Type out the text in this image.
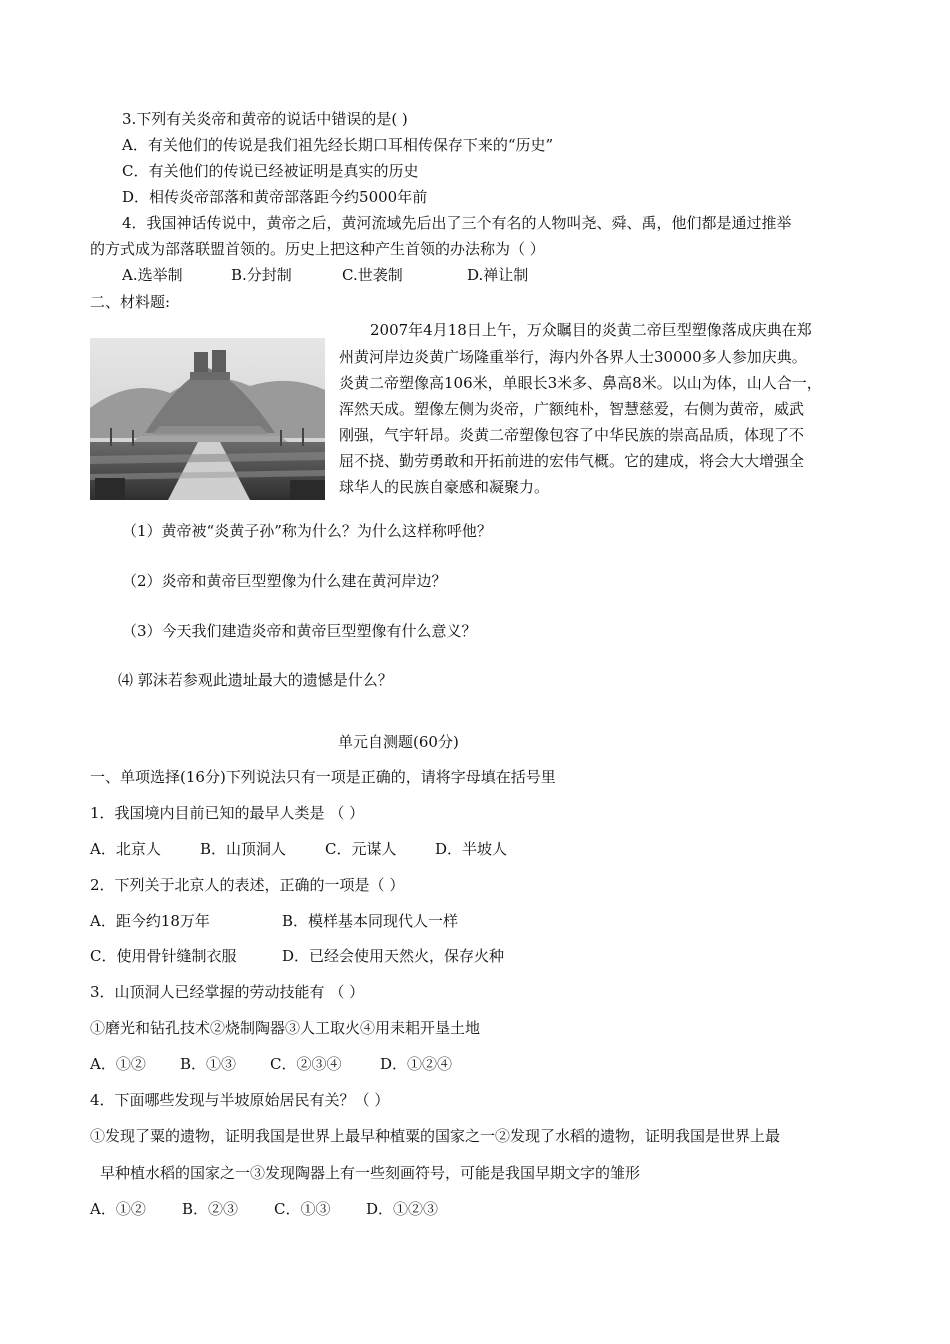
3.下列有关炎帝和黄帝的说话中错误的是( )
A．有关他们的传说是我们祖先经长期口耳相传保存下来的“历史”
C．有关他们的传说已经被证明是真实的历史
D．相传炎帝部落和黄帝部落距今约5000年前
4．我国神话传说中，黄帝之后，黄河流域先后出了三个有名的人物叫尧、舜、禹，他们都是通过推举
的方式成为部落联盟首领的。历史上把这种产生首领的办法称为（ ）
A.选举制	B.分封制	C.世袭制	D.禅让制
二、材料题:
2007年4月18日上午，万众瞩目的炎黄二帝巨型塑像落成庆典在郑
州黄河岸边炎黄广场隆重举行，海内外各界人士30000多人参加庆典。
炎黄二帝塑像高106米，单眼长3米多、鼻高8米。以山为体，山人合一，
浑然天成。塑像左侧为炎帝，广额纯朴，智慧慈爱，右侧为黄帝，威武
刚强，气宇轩昂。炎黄二帝塑像包容了中华民族的崇高品质，体现了不
屈不挠、勤劳勇敢和开拓前进的宏伟气概。它的建成，将会大大增强全
球华人的民族自豪感和凝聚力。
（1）黄帝被“炎黄子孙”称为什么？为什么这样称呼他？
（2）炎帝和黄帝巨型塑像为什么建在黄河岸边？
（3）今天我们建造炎帝和黄帝巨型塑像有什么意义？
⑷ 郭沫若参观此遗址最大的遗憾是什么？
单元自测题(60分)
一、单项选择(16分)下列说法只有一项是正确的，请将字母填在括号里
1．我国境内目前已知的最早人类是 （ ）
A．北京人	B．山顶洞人	C．元谋人	D．半坡人
2．下列关于北京人的表述，正确的一项是（ ）
A．距今约18万年	B．模样基本同现代人一样
C．使用骨针缝制衣服	D．已经会使用天然火，保存火种
3．山顶洞人已经掌握的劳动技能有 （ ）
①磨光和钻孔技术②烧制陶器③人工取火④用耒耜开垦土地
A．①② B．①③ C．②③④	D．①②④
4．下面哪些发现与半坡原始居民有关？（ ）
①发现了粟的遗物，证明我国是世界上最早种植粟的国家之一②发现了水稻的遗物，证明我国是世界上最
早种植水稻的国家之一③发现陶器上有一些刻画符号，可能是我国早期文字的雏形
A．①② B．②③ C．①③ D．①②③
